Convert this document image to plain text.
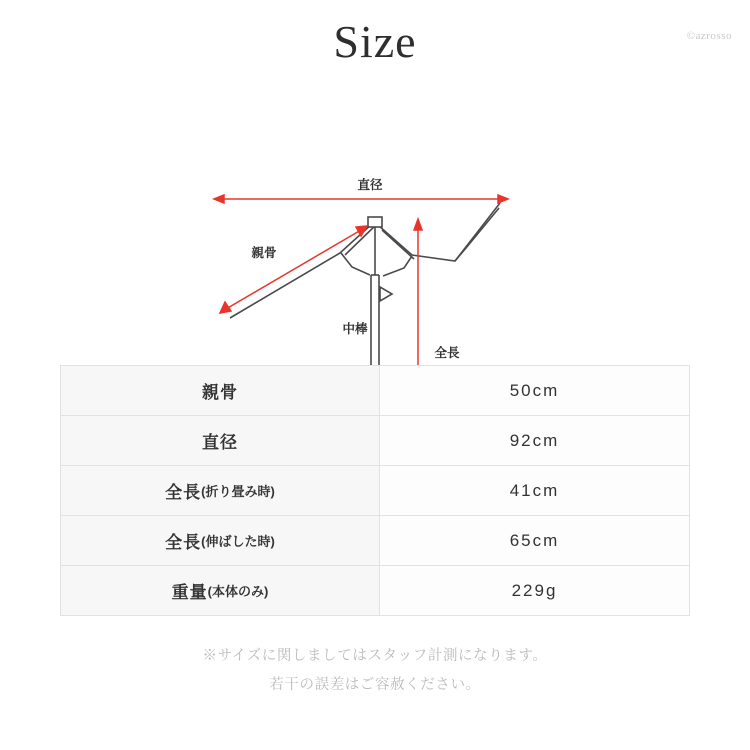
©azrosso
Size
直径
親骨
中棒
全長
親骨	50cm
直径	92cm
全長 (折り畳み時)	41cm
全長 (伸ばした時)	65cm
重量 (本体のみ)	229g
※サイズに関しましてはスタッフ計測になります。
若干の誤差はご容赦ください。
